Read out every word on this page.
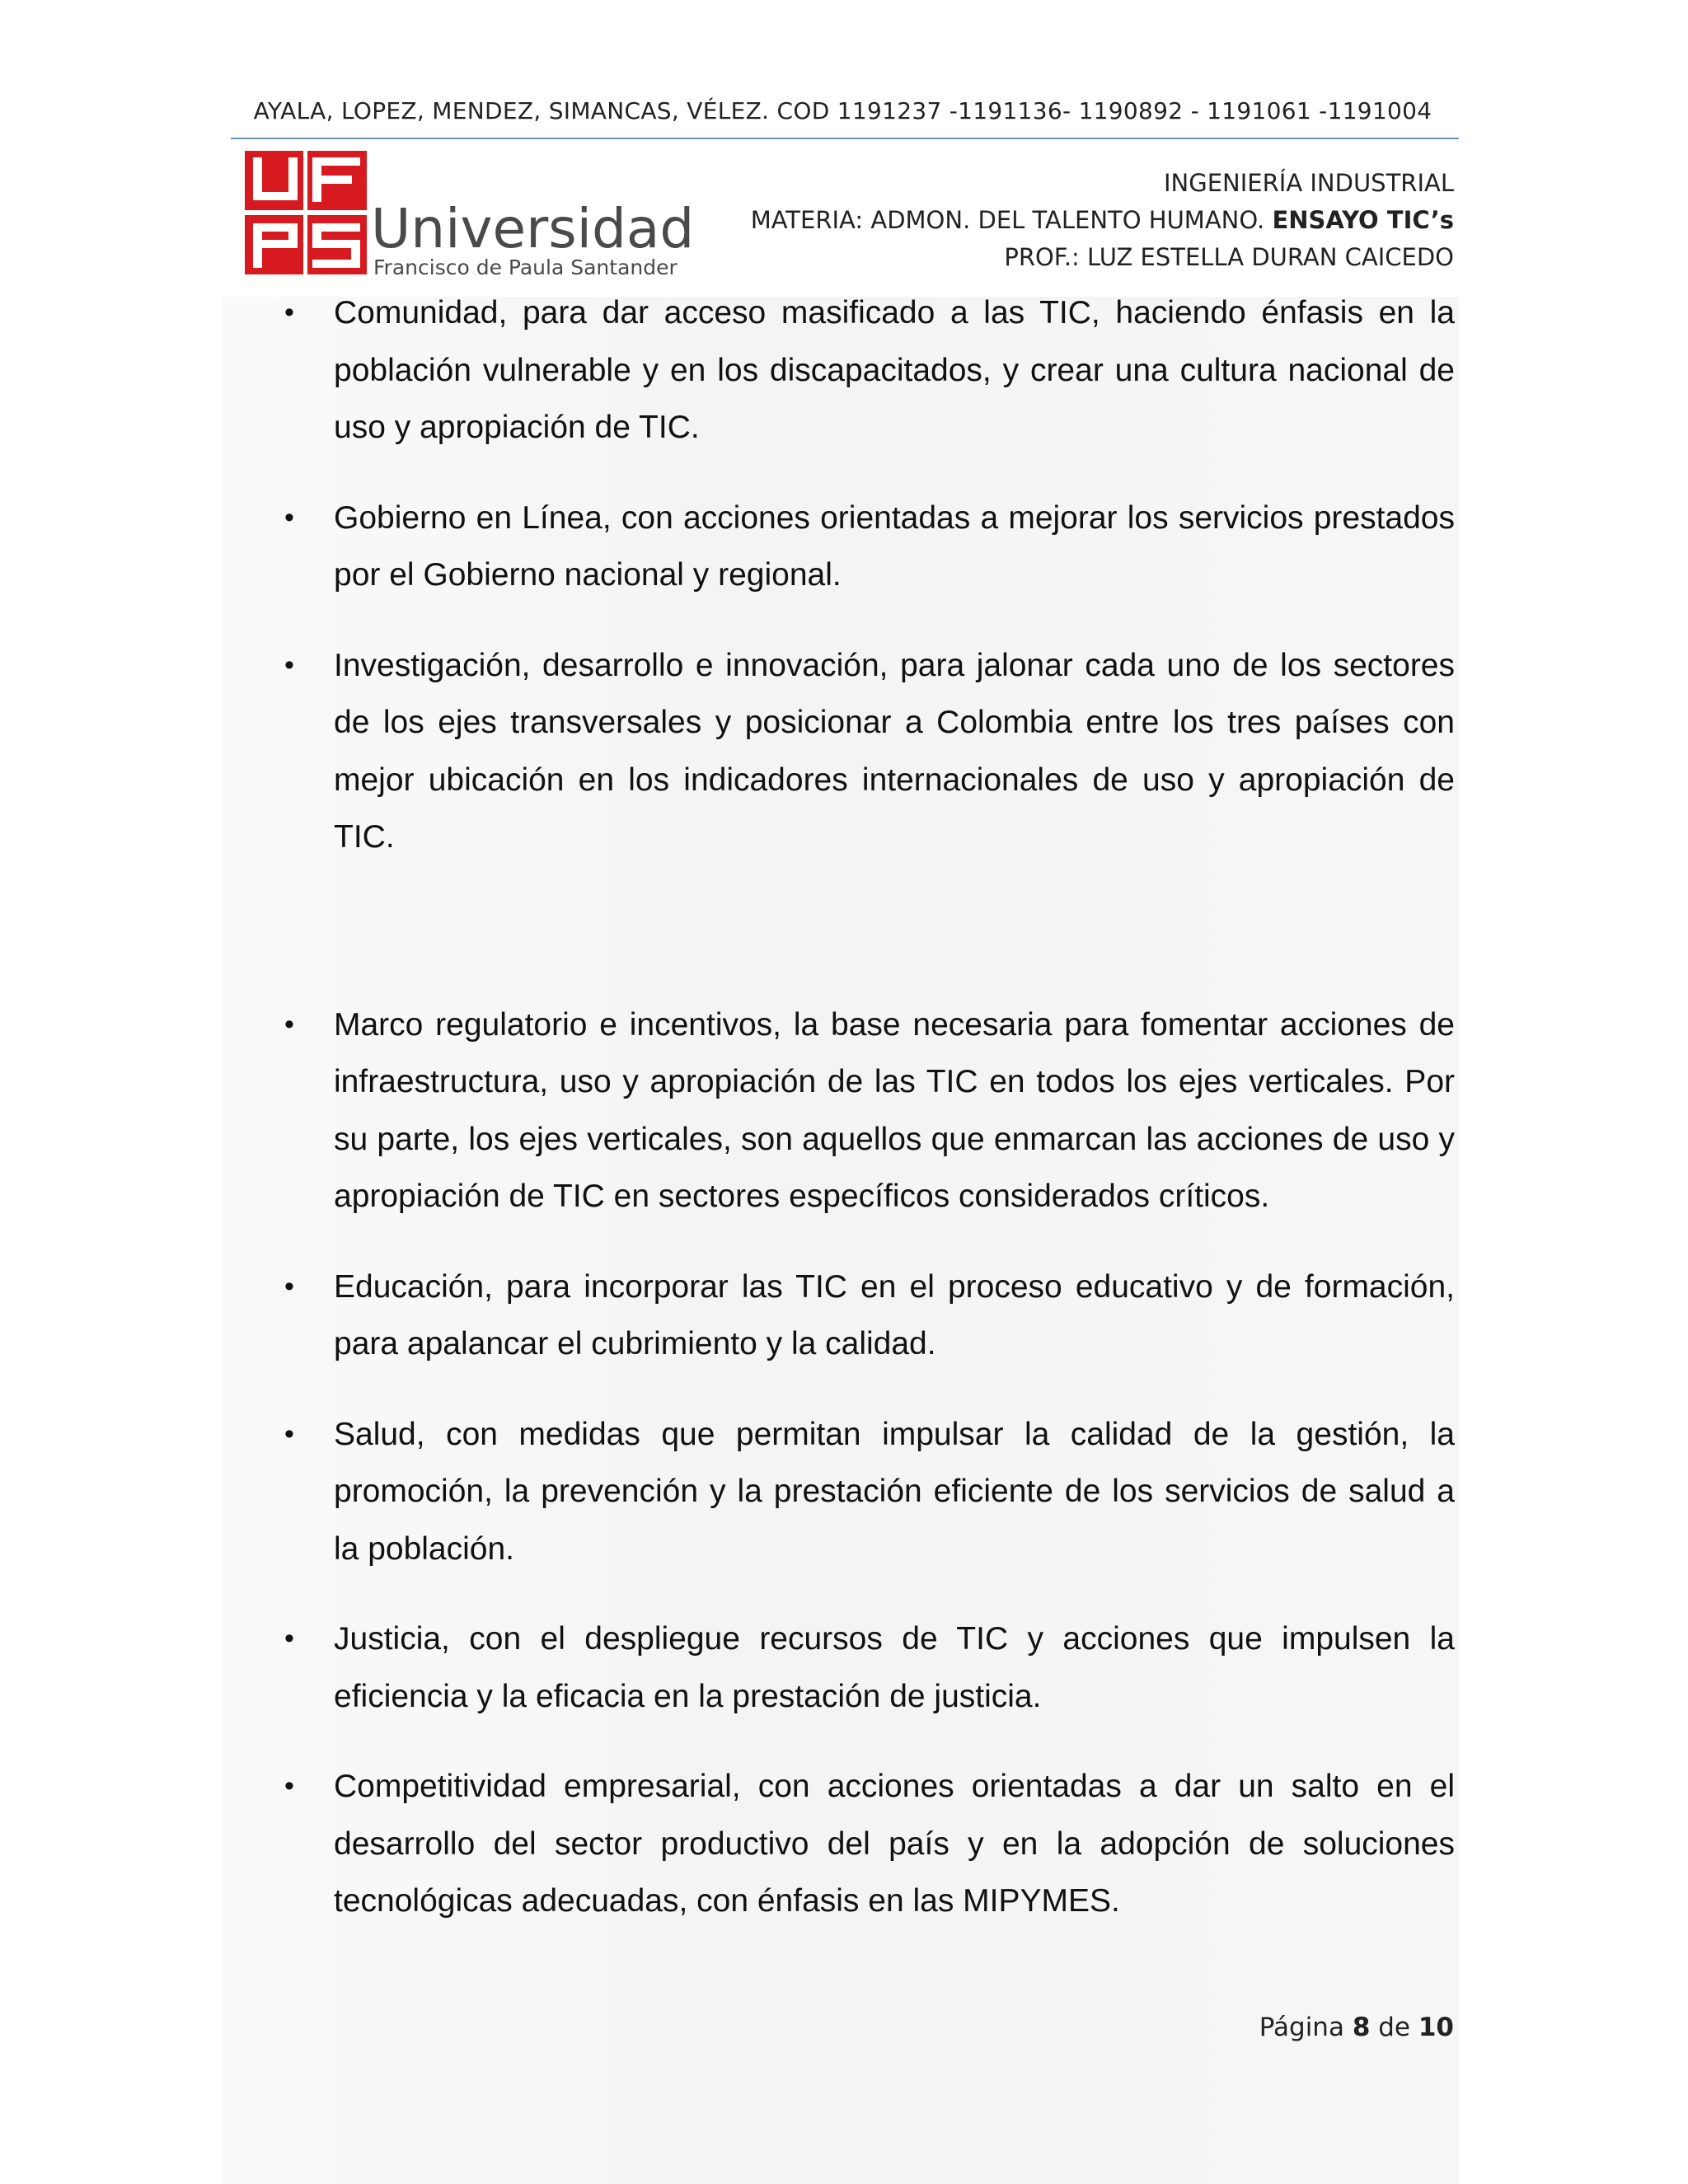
AYALA, LOPEZ, MENDEZ, SIMANCAS, VÉLEZ. COD 1191237 -1191136- 1190892 - 1191061 -1191004
Universidad
Francisco de Paula Santander
INGENIERÍA INDUSTRIAL
MATERIA: ADMON. DEL TALENTO HUMANO. ENSAYO TIC’s
PROF.: LUZ ESTELLA DURAN CAICEDO
• Comunidad, para dar acceso masificado a las TIC, haciendo énfasis en la población vulnerable y en los discapacitados, y crear una cultura nacional de uso y apropiación de TIC.
• Gobierno en Línea, con acciones orientadas a mejorar los servicios prestados por el Gobierno nacional y regional.
• Investigación, desarrollo e innovación, para jalonar cada uno de los sectores de los ejes transversales y posicionar a Colombia entre los tres países con mejor ubicación en los indicadores internacionales de uso y apropiación de TIC.
• Marco regulatorio e incentivos, la base necesaria para fomentar acciones de infraestructura, uso y apropiación de las TIC en todos los ejes verticales. Por su parte, los ejes verticales, son aquellos que enmarcan las acciones de uso y apropiación de TIC en sectores específicos considerados críticos.
• Educación, para incorporar las TIC en el proceso educativo y de formación, para apalancar el cubrimiento y la calidad.
• Salud, con medidas que permitan impulsar la calidad de la gestión, la promoción, la prevención y la prestación eficiente de los servicios de salud a la población.
• Justicia, con el despliegue recursos de TIC y acciones que impulsen la eficiencia y la eficacia en la prestación de justicia.
• Competitividad empresarial, con acciones orientadas a dar un salto en el desarrollo del sector productivo del país y en la adopción de soluciones tecnológicas adecuadas, con énfasis en las MIPYMES.
Página 8 de 10
